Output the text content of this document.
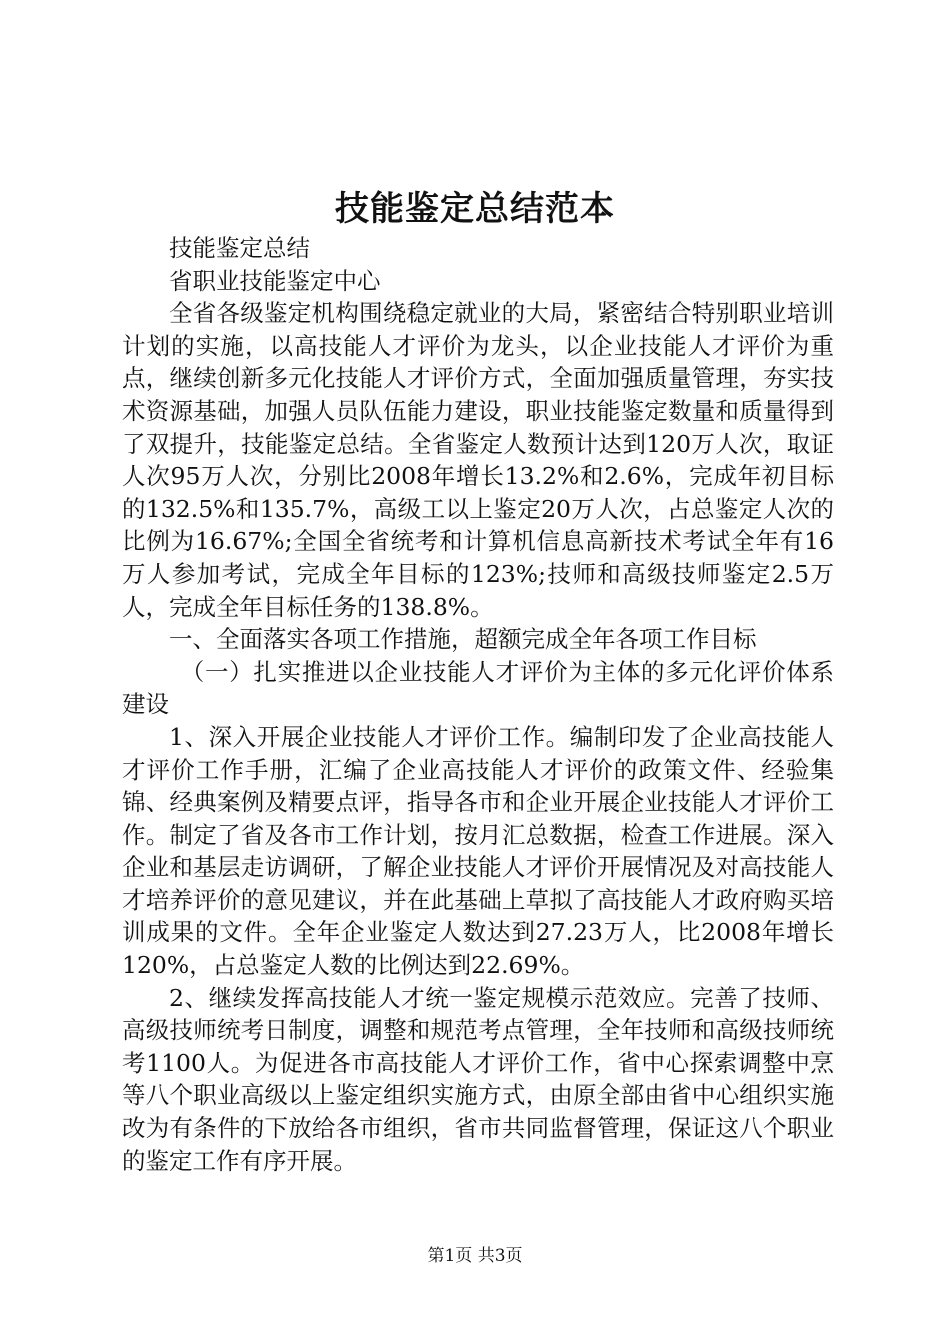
技能鉴定总结范本

技能鉴定总结

省职业技能鉴定中心

全省各级鉴定机构围绕稳定就业的大局，紧密结合特别职业培训计划的实施，以高技能人才评价为龙头，以企业技能人才评价为重点，继续创新多元化技能人才评价方式，全面加强质量管理，夯实技术资源基础，加强人员队伍能力建设，职业技能鉴定数量和质量得到了双提升，技能鉴定总结。全省鉴定人数预计达到120万人次，取证人次95万人次，分别比2008年增长13.2%和2.6%，完成年初目标的132.5%和135.7%，高级工以上鉴定20万人次，占总鉴定人次的比例为16.67%;全国全省统考和计算机信息高新技术考试全年有16万人参加考试，完成全年目标的123%;技师和高级技师鉴定2.5万人，完成全年目标任务的138.8%。

一、全面落实各项工作措施，超额完成全年各项工作目标

（一）扎实推进以企业技能人才评价为主体的多元化评价体系建设

1、深入开展企业技能人才评价工作。编制印发了企业高技能人才评价工作手册，汇编了企业高技能人才评价的政策文件、经验集锦、经典案例及精要点评，指导各市和企业开展企业技能人才评价工作。制定了省及各市工作计划，按月汇总数据，检查工作进展。深入企业和基层走访调研，了解企业技能人才评价开展情况及对高技能人才培养评价的意见建议，并在此基础上草拟了高技能人才政府购买培训成果的文件。全年企业鉴定人数达到27.23万人，比2008年增长120%，占总鉴定人数的比例达到22.69%。

2、继续发挥高技能人才统一鉴定规模示范效应。完善了技师、高级技师统考日制度，调整和规范考点管理，全年技师和高级技师统考1100人。为促进各市高技能人才评价工作，省中心探索调整中烹等八个职业高级以上鉴定组织实施方式，由原全部由省中心组织实施改为有条件的下放给各市组织，省市共同监督管理，保证这八个职业的鉴定工作有序开展。

第1页 共3页
